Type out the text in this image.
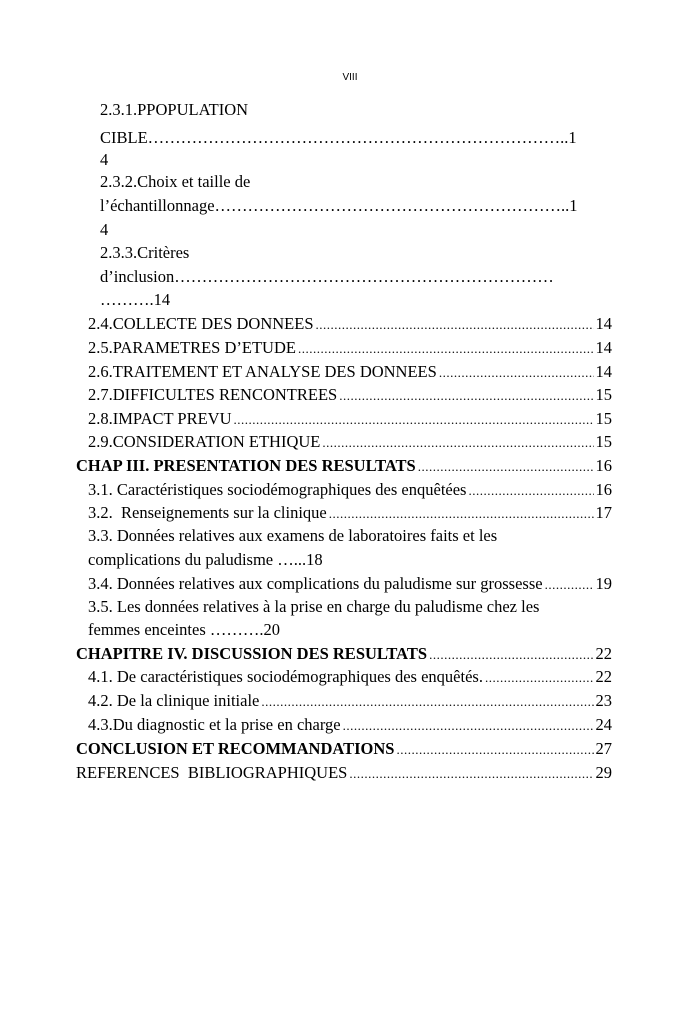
VIII
2.3.1.PPOPULATION
CIBLE…………………………………………………………………..1
4
2.3.2.Choix et taille de
l’échantillonnage………………………………………………………..1
4
2.3.3.Critères
d’inclusion……………………………………………………………
……….14
2.4.COLLECTE DES DONNEES .....	14
2.5.PARAMETRES D’ETUDE .....	14
2.6.TRAITEMENT ET ANALYSE DES DONNEES .....	14
2.7.DIFFICULTES RENCONTREES .....	15
2.8.IMPACT PREVU .....	15
2.9.CONSIDERATION ETHIQUE .....	15
CHAP III. PRESENTATION DES RESULTATS .....	16
3.1. Caractéristiques sociodémographiques des enquêtées .....	16
3.2.  Renseignements sur la clinique .....	17
3.3. Données relatives aux examens de laboratoires faits et les
complications du paludisme …...18
3.4. Données relatives aux complications du paludisme sur grossesse .....	19
3.5. Les données relatives à la prise en charge du paludisme chez les
femmes enceintes ……….20
CHAPITRE IV. DISCUSSION DES RESULTATS .....	22
4.1. De caractéristiques sociodémographiques des enquêtés. .....	22
4.2. De la clinique initiale .....	23
4.3.Du diagnostic et la prise en charge .....	24
CONCLUSION ET RECOMMANDATIONS .....	27
REFERENCES  BIBLIOGRAPHIQUES .....	29
